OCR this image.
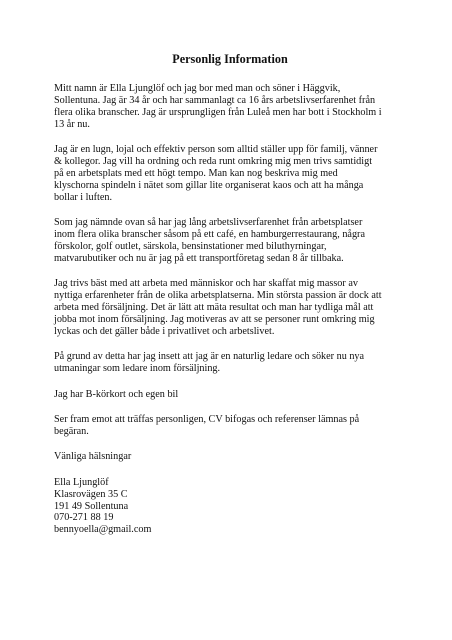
Personlig Information

Mitt namn är Ella Ljunglöf och jag bor med man och söner i Häggvik,
Sollentuna. Jag är 34 år och har sammanlagt ca 16 års arbetslivserfarenhet från
flera olika branscher. Jag är ursprungligen från Luleå men har bott i Stockholm i
13 år nu.

Jag är en lugn, lojal och effektiv person som alltid ställer upp för familj, vänner
& kollegor. Jag vill ha ordning och reda runt omkring mig men trivs samtidigt
på en arbetsplats med ett högt tempo. Man kan nog beskriva mig med
klyschorna spindeln i nätet som gillar lite organiserat kaos och att ha många
bollar i luften.

Som jag nämnde ovan så har jag lång arbetslivserfarenhet från arbetsplatser
inom flera olika branscher såsom på ett café, en hamburgerrestaurang, några
förskolor, golf outlet, särskola, bensinstationer med biluthyrningar,
matvarubutiker och nu är jag på ett transportföretag sedan 8 år tillbaka.

Jag trivs bäst med att arbeta med människor och har skaffat mig massor av
nyttiga erfarenheter från de olika arbetsplatserna. Min största passion är dock att
arbeta med försäljning. Det är lätt att mäta resultat och man har tydliga mål att
jobba mot inom försäljning. Jag motiveras av att se personer runt omkring mig
lyckas och det gäller både i privatlivet och arbetslivet.

På grund av detta har jag insett att jag är en naturlig ledare och söker nu nya
utmaningar som ledare inom försäljning.

Jag har B-körkort och egen bil

Ser fram emot att träffas personligen, CV bifogas och referenser lämnas på
begäran.

Vänliga hälsningar

Ella Ljunglöf
Klasrovägen 35 C
191 49 Sollentuna
070-271 88 19
bennyoella@gmail.com
